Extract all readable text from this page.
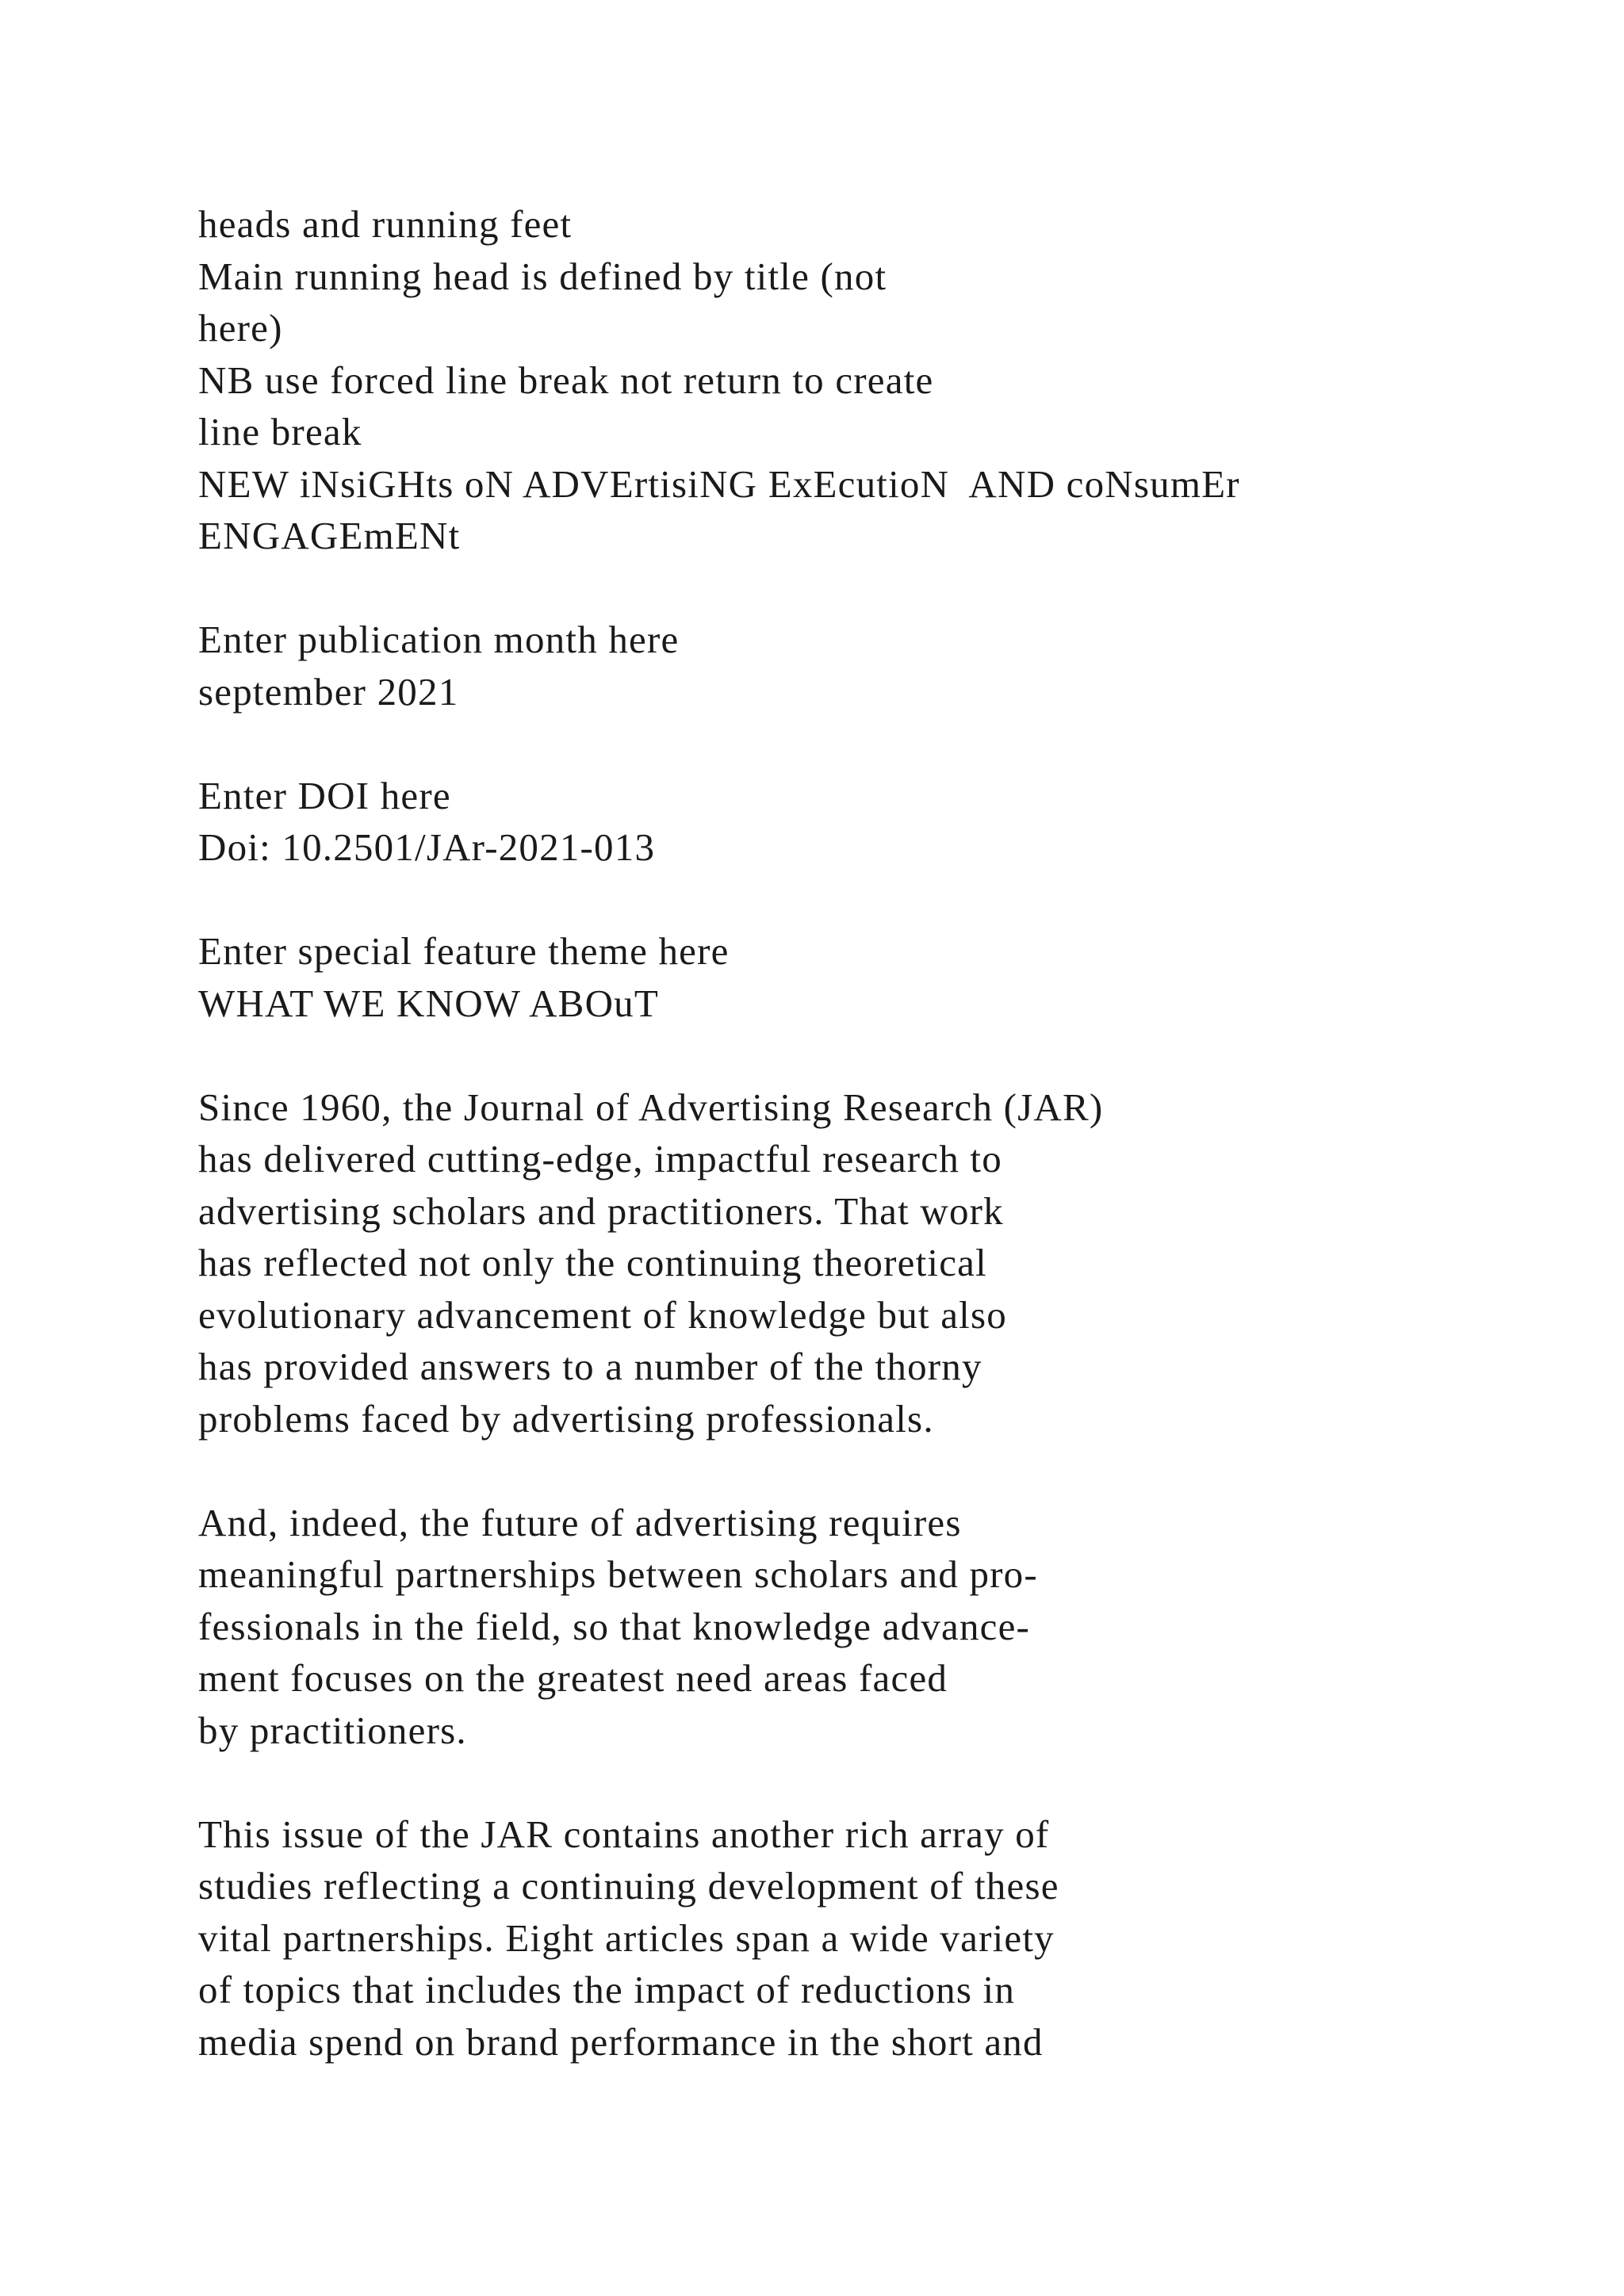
heads and running feet
Main running head is defined by title (not
here)
NB use forced line break not return to create
line break
NEW iNsiGHts oN ADVErtisiNG ExEcutioN  AND coNsumEr
ENGAGEmENt
Enter publication month here
september 2021
Enter DOI here
Doi: 10.2501/JAr-2021-013
Enter special feature theme here
WHAT WE KNOW ABOuT
Since 1960, the Journal of Advertising Research (JAR)
has delivered cutting-edge, impactful research to
advertising scholars and practitioners. That work
has reflected not only the continuing theoretical
evolutionary advancement of knowledge but also
has provided answers to a number of the thorny
problems faced by advertising professionals.
And, indeed, the future of advertising requires
meaningful partnerships between scholars and pro-
fessionals in the field, so that knowledge advance-
ment focuses on the greatest need areas faced
by practitioners.
This issue of the JAR contains another rich array of
studies reflecting a continuing development of these
vital partnerships. Eight articles span a wide variety
of topics that includes the impact of reductions in
media spend on brand performance in the short and
